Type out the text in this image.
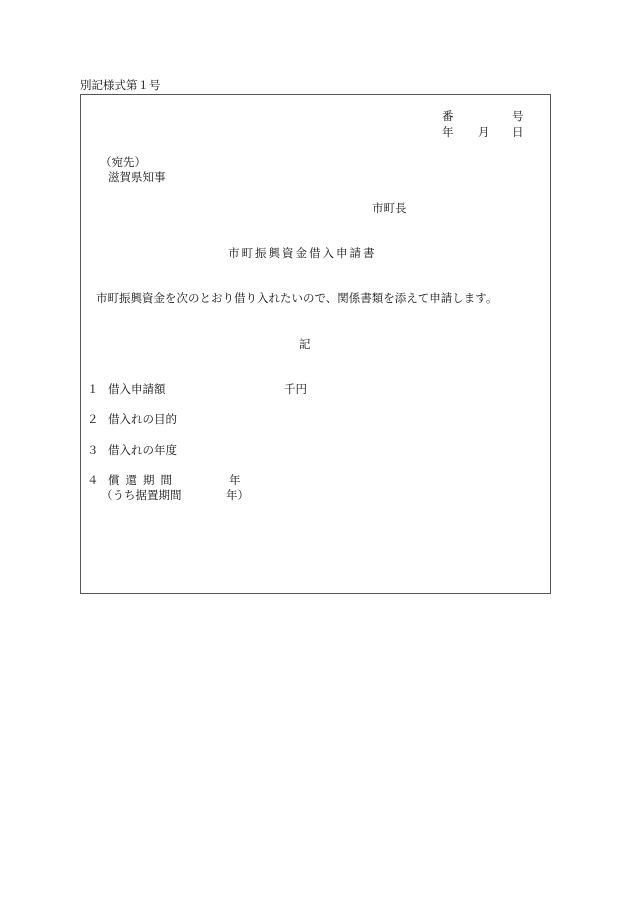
別記様式第１号
番	号
年 月 日
（宛先）
滋賀県知事
市町長
市町振興資金借入申請書
市町振興資金を次のとおり借り入れたいので、関係書類を添えて申請します。
記
１ 借入申請額	千円
２ 借入れの目的
３ 借入れの年度
４ 償還期間	年
（うち据置期間	年）
